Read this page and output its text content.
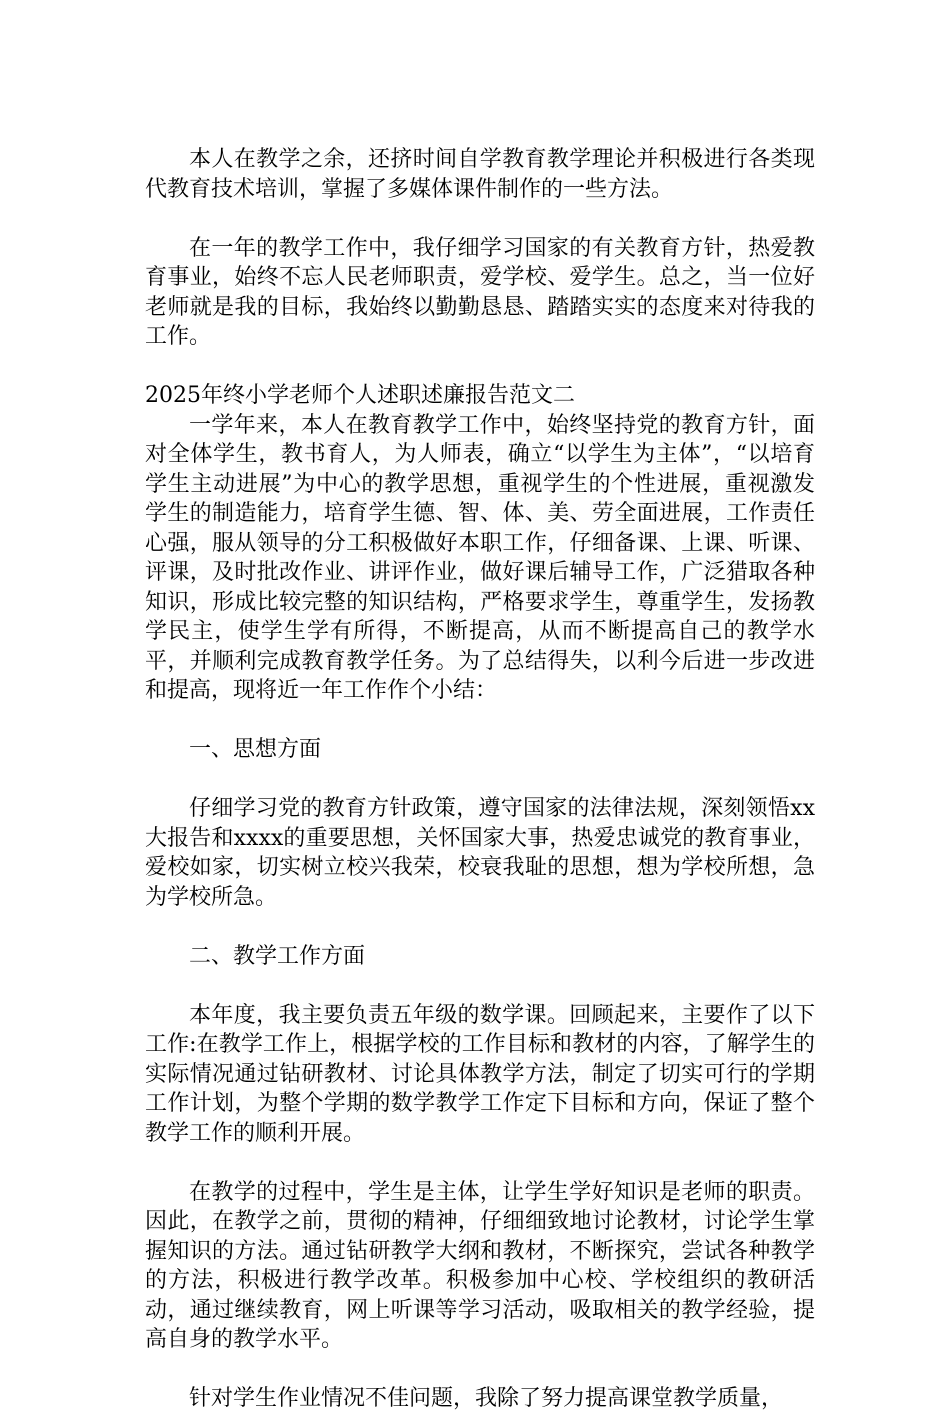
本人在教学之余，还挤时间自学教育教学理论并积极进行各类现代教育技术培训，掌握了多媒体课件制作的一些方法。

在一年的教学工作中，我仔细学习国家的有关教育方针，热爱教育事业，始终不忘人民老师职责，爱学校、爱学生。总之，当一位好老师就是我的目标，我始终以勤勤恳恳、踏踏实实的态度来对待我的工作。

2025年终小学老师个人述职述廉报告范文二

一学年来，本人在教育教学工作中，始终坚持党的教育方针，面对全体学生，教书育人，为人师表，确立“以学生为主体”，“以培育学生主动进展”为中心的教学思想，重视学生的个性进展，重视激发学生的制造能力，培育学生德、智、体、美、劳全面进展，工作责任心强，服从领导的分工积极做好本职工作，仔细备课、上课、听课、评课，及时批改作业、讲评作业，做好课后辅导工作，广泛猎取各种知识，形成比较完整的知识结构，严格要求学生，尊重学生，发扬教学民主，使学生学有所得，不断提高，从而不断提高自己的教学水平，并顺利完成教育教学任务。为了总结得失，以利今后进一步改进和提高，现将近一年工作作个小结：

一、思想方面

仔细学习党的教育方针政策，遵守国家的法律法规，深刻领悟xx大报告和xxxx的重要思想，关怀国家大事，热爱忠诚党的教育事业，爱校如家，切实树立校兴我荣，校衰我耻的思想，想为学校所想，急为学校所急。

二、教学工作方面

本年度，我主要负责五年级的数学课。回顾起来，主要作了以下工作:在教学工作上，根据学校的工作目标和教材的内容，了解学生的实际情况通过钻研教材、讨论具体教学方法，制定了切实可行的学期工作计划，为整个学期的数学教学工作定下目标和方向，保证了整个教学工作的顺利开展。

在教学的过程中，学生是主体，让学生学好知识是老师的职责。因此，在教学之前，贯彻的精神，仔细细致地讨论教材，讨论学生掌握知识的方法。通过钻研教学大纲和教材，不断探究，尝试各种教学的方法，积极进行教学改革。积极参加中心校、学校组织的教研活动，通过继续教育，网上听课等学习活动，吸取相关的教学经验，提高自身的教学水平。

针对学生作业情况不佳问题，我除了努力提高课堂教学质量，
